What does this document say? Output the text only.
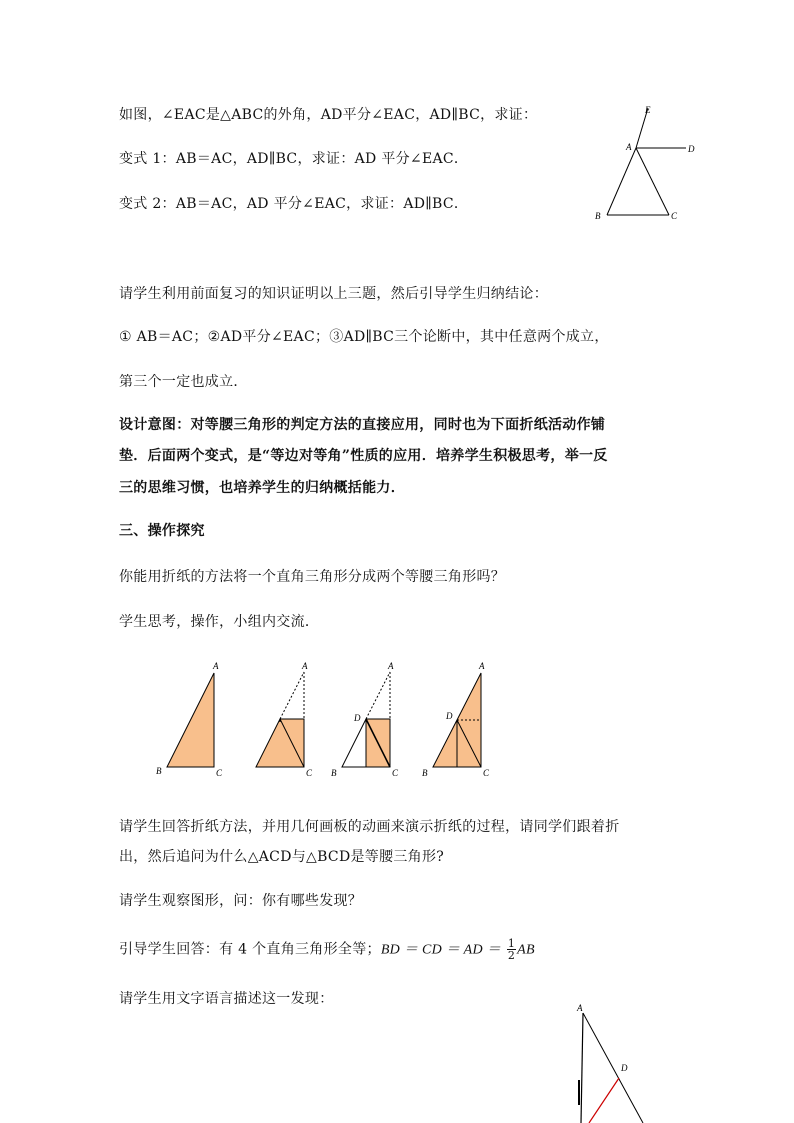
如图，∠EAC是△ABC的外角，AD平分∠EAC，AD∥BC，求证：
变式 1：AB＝AC，AD∥BC，求证：AD 平分∠EAC．
变式 2：AB＝AC，AD 平分∠EAC，求证：AD∥BC．
E
A	D
B	C
请学生利用前面复习的知识证明以上三题，然后引导学生归纳结论：
① AB＝AC；②AD平分∠EAC；③AD∥BC三个论断中，其中任意两个成立，
第三个一定也成立．
设计意图：对等腰三角形的判定方法的直接应用，同时也为下面折纸活动作铺
垫．后面两个变式，是“等边对等角”性质的应用．培养学生积极思考，举一反
三的思维习惯，也培养学生的归纳概括能力．
三、操作探究
你能用折纸的方法将一个直角三角形分成两个等腰三角形吗？
学生思考，操作，小组内交流．
A
B	C
A
C
A
D
B	C
A
D
B	C
请学生回答折纸方法，并用几何画板的动画来演示折纸的过程，请同学们跟着折
出，然后追问为什么△ACD与△BCD是等腰三角形?
请学生观察图形，问：你有哪些发现？
引导学生回答：有 4 个直角三角形全等；BD ＝ CD ＝ AD ＝ $\frac{1}{2}$ AB
请学生用文字语言描述这一发现：
A
D
